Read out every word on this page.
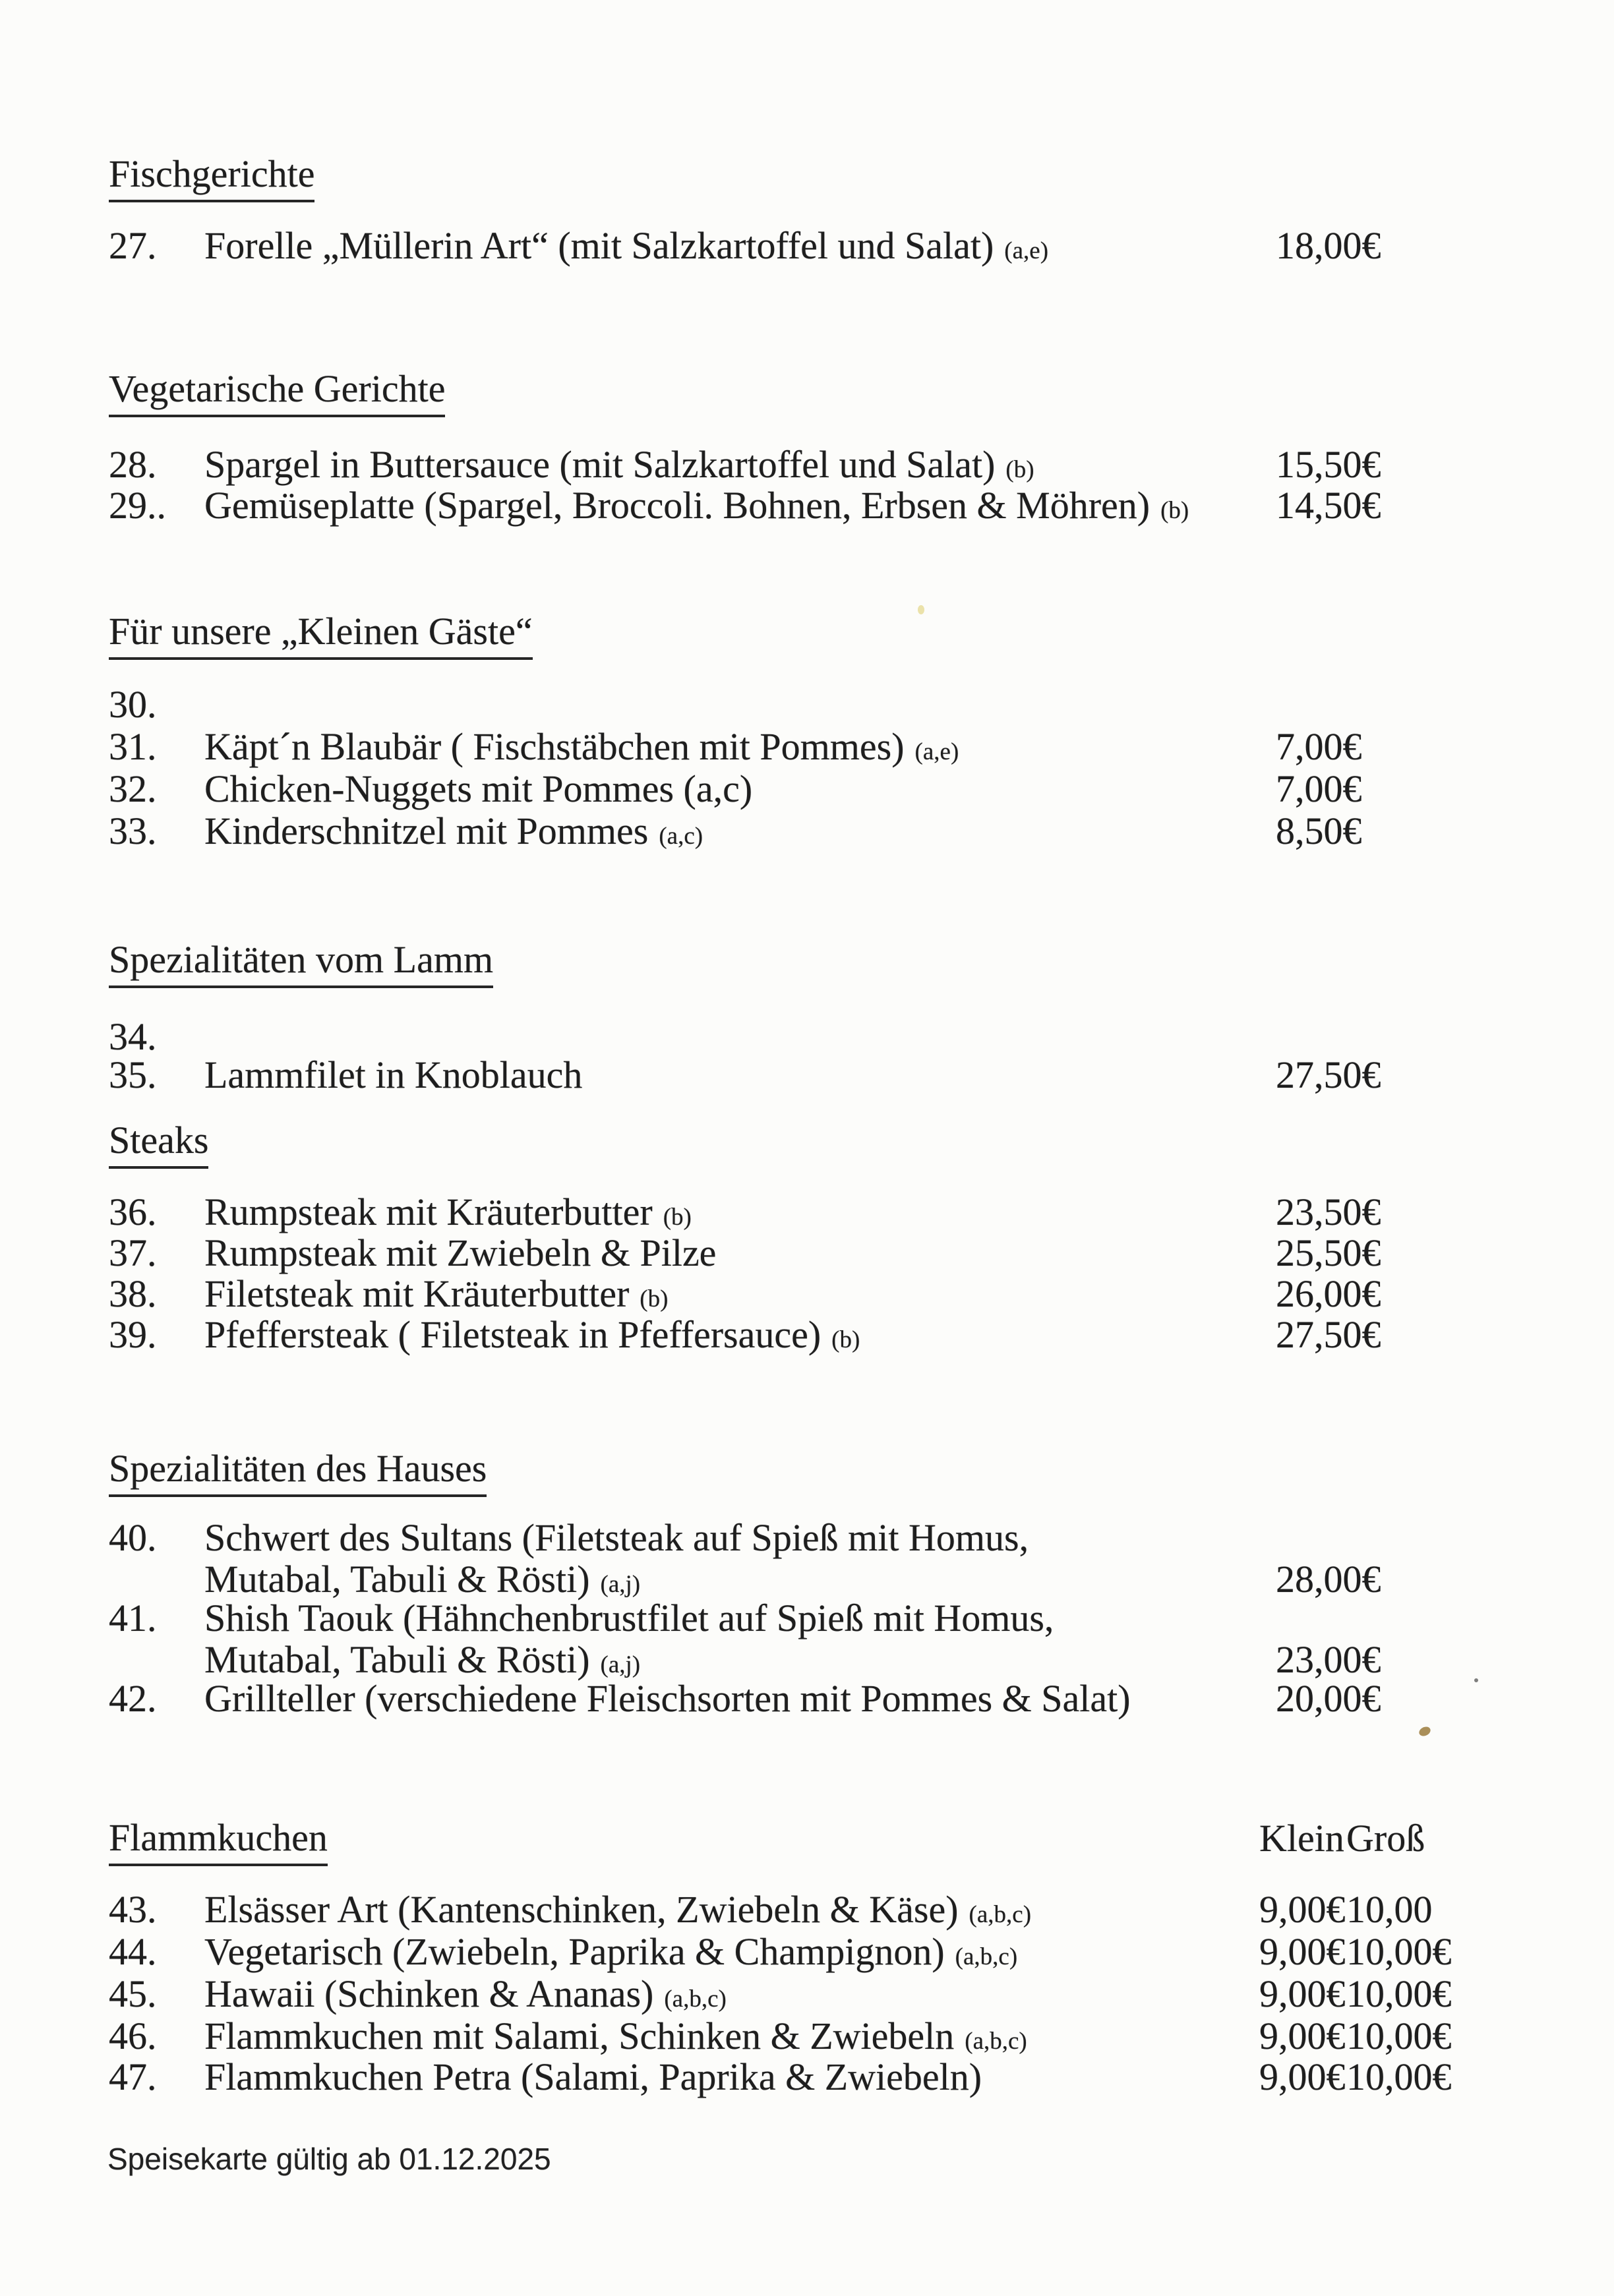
Fischgerichte
27. Forelle „Müllerin Art“ (mit Salzkartoffel und Salat) (a,e)	18,00€
Vegetarische Gerichte
28. Spargel in Buttersauce (mit Salzkartoffel und Salat) (b)	15,50€
29.. Gemüseplatte (Spargel, Broccoli. Bohnen, Erbsen & Möhren) (b) 14,50€
Für unsere „Kleinen Gäste“
30.
31. Käpt´n Blaubär ( Fischstäbchen mit Pommes) (a,e)	7,00€
32. Chicken-Nuggets mit Pommes (a,c)	7,00€
33. Kinderschnitzel mit Pommes (a,c)	8,50€
Spezialitäten vom Lamm
34.
35. Lammfilet in Knoblauch	27,50€
Steaks
36. Rumpsteak mit Kräuterbutter (b)	23,50€
37. Rumpsteak mit Zwiebeln & Pilze	25,50€
38. Filetsteak mit Kräuterbutter (b)	26,00€
39. Pfeffersteak ( Filetsteak in Pfeffersauce) (b)	27,50€
Spezialitäten des Hauses
40. Schwert des Sultans (Filetsteak auf Spieß mit Homus,
Mutabal, Tabuli & Rösti) (a,j)	28,00€
41. Shish Taouk (Hähnchenbrustfilet auf Spieß mit Homus,
Mutabal, Tabuli & Rösti) (a,j)	23,00€
42. Grillteller (verschiedene Fleischsorten mit Pommes & Salat)	20,00€
Flammkuchen	Klein Groß
43. Elsässer Art (Kantenschinken, Zwiebeln & Käse) (a,b,c)	9,00€ 10,00
44. Vegetarisch (Zwiebeln, Paprika & Champignon) (a,b,c)	9,00€ 10,00€
45. Hawaii (Schinken & Ananas) (a,b,c)	9,00€ 10,00€
46. Flammkuchen mit Salami, Schinken & Zwiebeln (a,b,c)	9,00€ 10,00€
47. Flammkuchen Petra (Salami, Paprika & Zwiebeln)	9,00€ 10,00€
Speisekarte gültig ab 01.12.2025
